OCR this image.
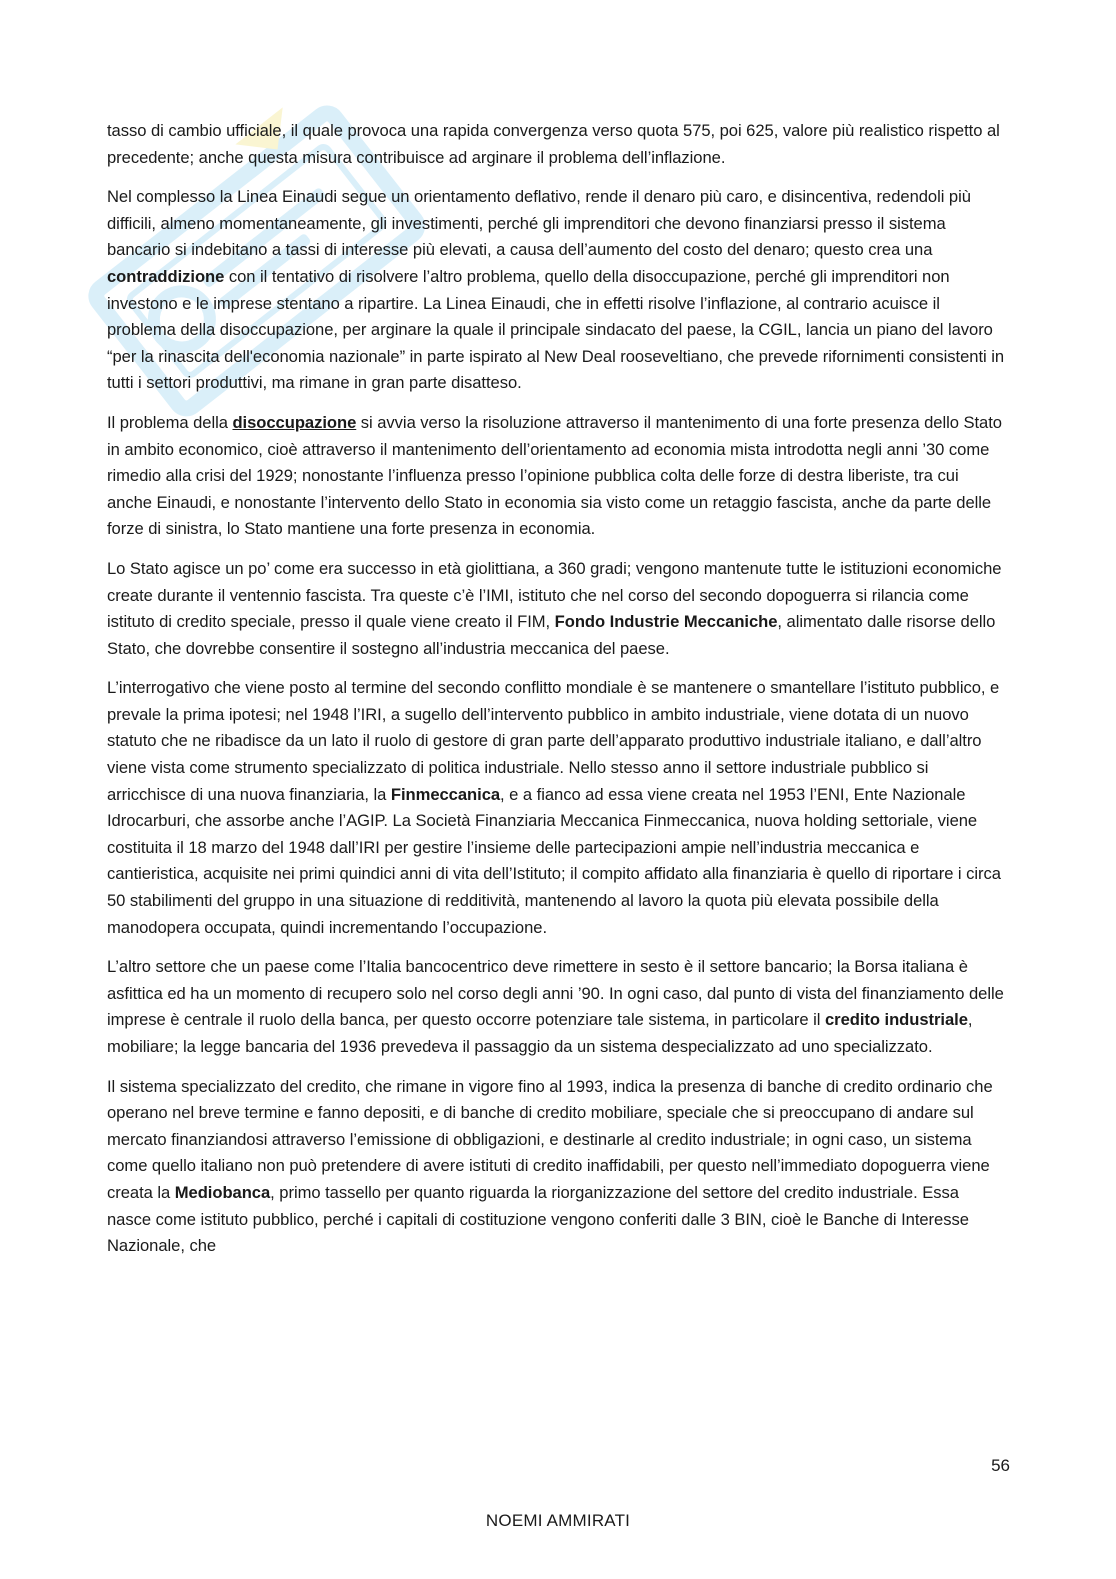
tasso di cambio ufficiale, il quale provoca una rapida convergenza verso quota 575, poi 625, valore più realistico rispetto al precedente; anche questa misura contribuisce ad arginare il problema dell’inflazione.

Nel complesso la Linea Einaudi segue un orientamento deflativo, rende il denaro più caro, e disincentiva, redendoli più difficili, almeno momentaneamente, gli investimenti, perché gli imprenditori che devono finanziarsi presso il sistema bancario si indebitano a tassi di interesse più elevati, a causa dell’aumento del costo del denaro; questo crea una contraddizione con il tentativo di risolvere l’altro problema, quello della disoccupazione, perché gli imprenditori non investono e le imprese stentano a ripartire. La Linea Einaudi, che in effetti risolve l’inflazione, al contrario acuisce il problema della disoccupazione, per arginare la quale il principale sindacato del paese, la CGIL, lancia un piano del lavoro “per la rinascita dell'economia nazionale” in parte ispirato al New Deal rooseveltiano, che prevede rifornimenti consistenti in tutti i settori produttivi, ma rimane in gran parte disatteso.

Il problema della disoccupazione si avvia verso la risoluzione attraverso il mantenimento di una forte presenza dello Stato in ambito economico, cioè attraverso il mantenimento dell’orientamento ad economia mista introdotta negli anni ’30 come rimedio alla crisi del 1929; nonostante l’influenza presso l’opinione pubblica colta delle forze di destra liberiste, tra cui anche Einaudi, e nonostante l’intervento dello Stato in economia sia visto come un retaggio fascista, anche da parte delle forze di sinistra, lo Stato mantiene una forte presenza in economia.

Lo Stato agisce un po’ come era successo in età giolittiana, a 360 gradi; vengono mantenute tutte le istituzioni economiche create durante il ventennio fascista. Tra queste c’è l’IMI, istituto che nel corso del secondo dopoguerra si rilancia come istituto di credito speciale, presso il quale viene creato il FIM, Fondo Industrie Meccaniche, alimentato dalle risorse dello Stato, che dovrebbe consentire il sostegno all’industria meccanica del paese.

L’interrogativo che viene posto al termine del secondo conflitto mondiale è se mantenere o smantellare l’istituto pubblico, e prevale la prima ipotesi; nel 1948 l’IRI, a sugello dell’intervento pubblico in ambito industriale, viene dotata di un nuovo statuto che ne ribadisce da un lato il ruolo di gestore di gran parte dell’apparato produttivo industriale italiano, e dall’altro viene vista come strumento specializzato di politica industriale. Nello stesso anno il settore industriale pubblico si arricchisce di una nuova finanziaria, la Finmeccanica, e a fianco ad essa viene creata nel 1953 l’ENI, Ente Nazionale Idrocarburi, che assorbe anche l’AGIP. La Società Finanziaria Meccanica Finmeccanica, nuova holding settoriale, viene costituita il 18 marzo del 1948 dall’IRI per gestire l’insieme delle partecipazioni ampie nell’industria meccanica e cantieristica, acquisite nei primi quindici anni di vita dell’Istituto; il compito affidato alla finanziaria è quello di riportare i circa 50 stabilimenti del gruppo in una situazione di redditività, mantenendo al lavoro la quota più elevata possibile della manodopera occupata, quindi incrementando l’occupazione.

L’altro settore che un paese come l’Italia bancocentrico deve rimettere in sesto è il settore bancario; la Borsa italiana è asfittica ed ha un momento di recupero solo nel corso degli anni ’90. In ogni caso, dal punto di vista del finanziamento delle imprese è centrale il ruolo della banca, per questo occorre potenziare tale sistema, in particolare il credito industriale, mobiliare; la legge bancaria del 1936 prevedeva il passaggio da un sistema despecializzato ad uno specializzato.

Il sistema specializzato del credito, che rimane in vigore fino al 1993, indica la presenza di banche di credito ordinario che operano nel breve termine e fanno depositi, e di banche di credito mobiliare, speciale che si preoccupano di andare sul mercato finanziandosi attraverso l’emissione di obbligazioni, e destinarle al credito industriale; in ogni caso, un sistema come quello italiano non può pretendere di avere istituti di credito inaffidabili, per questo nell’immediato dopoguerra viene creata la Mediobanca, primo tassello per quanto riguarda la riorganizzazione del settore del credito industriale. Essa nasce come istituto pubblico, perché i capitali di costituzione vengono conferiti dalle 3 BIN, cioè le Banche di Interesse Nazionale, che

56
NOEMI AMMIRATI
